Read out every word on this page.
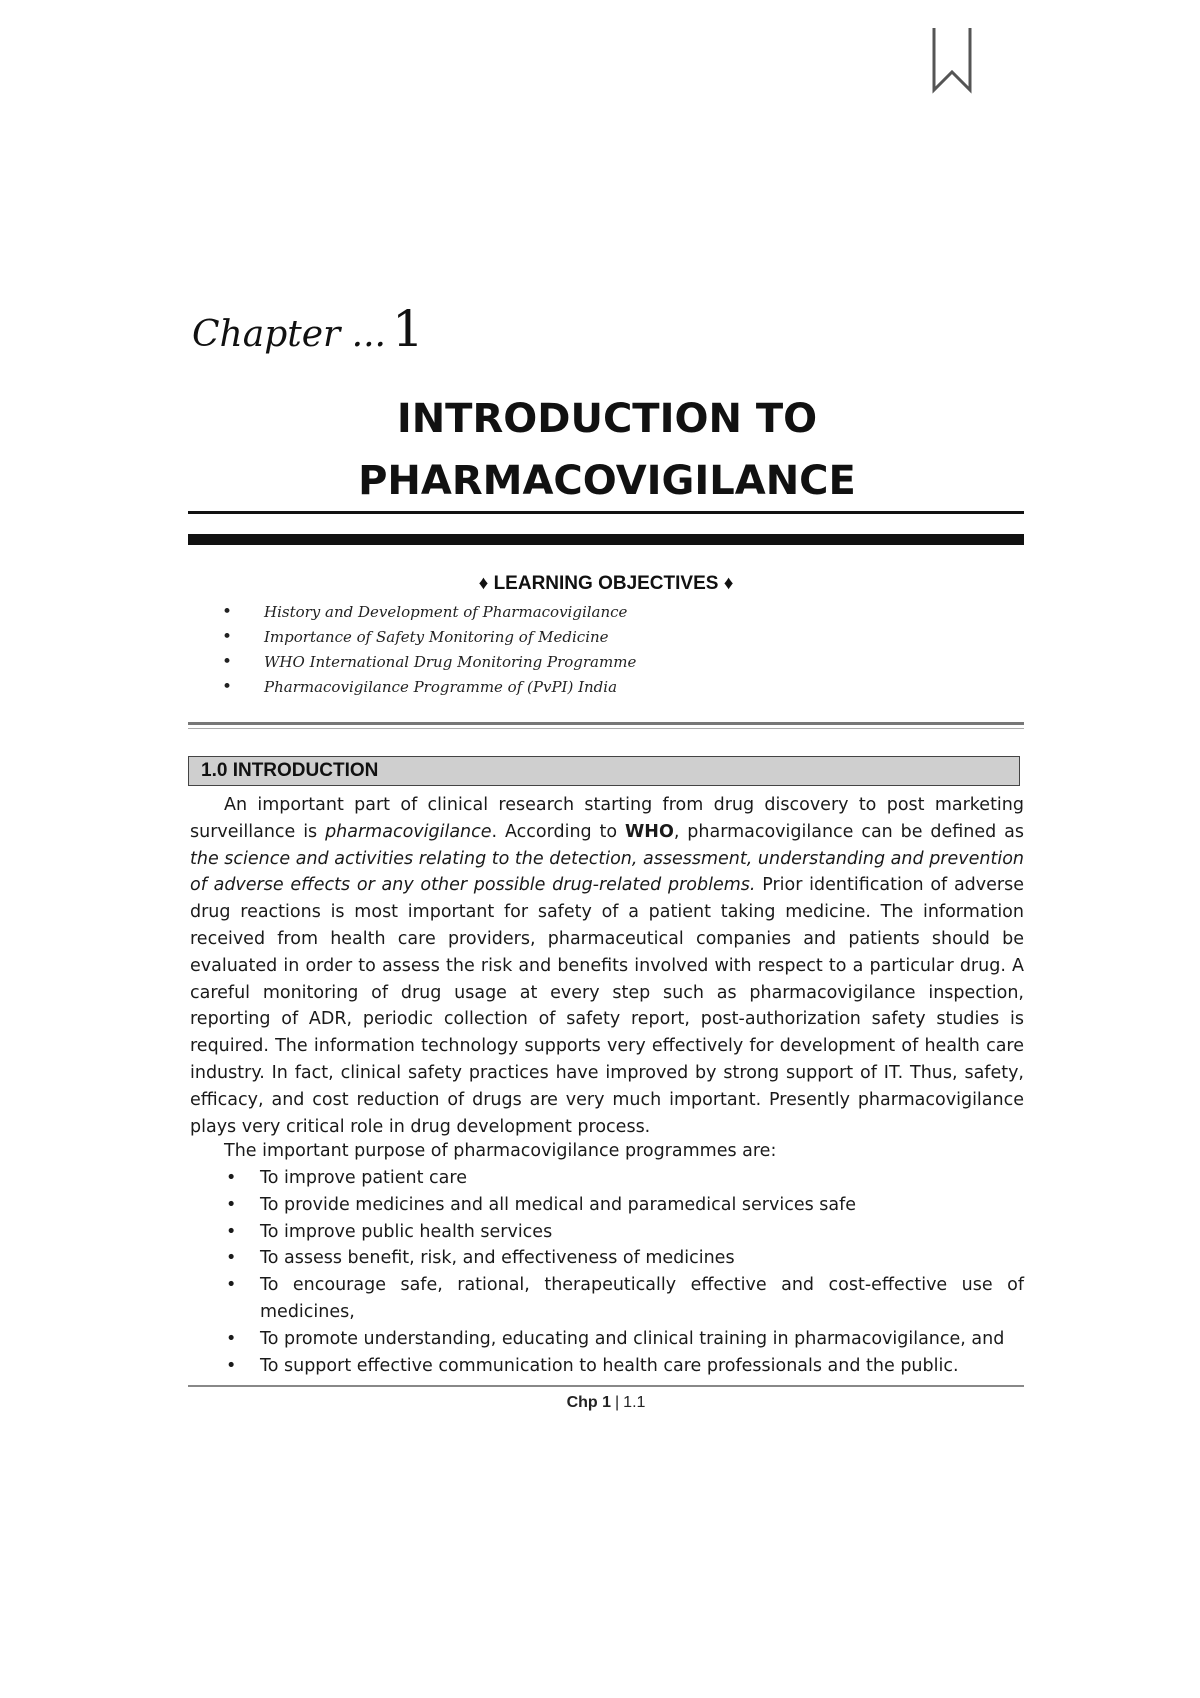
Chapter ... 1
INTRODUCTION TO
PHARMACOVIGILANCE
♦ LEARNING OBJECTIVES ♦
• History and Development of Pharmacovigilance
• Importance of Safety Monitoring of Medicine
• WHO International Drug Monitoring Programme
• Pharmacovigilance Programme of (PvPI) India
1.0 INTRODUCTION

An important part of clinical research starting from drug discovery to post marketing surveillance is pharmacovigilance. According to WHO, pharmacovigilance can be defined as the science and activities relating to the detection, assessment, understanding and prevention of adverse effects or any other possible drug-related problems. Prior identification of adverse drug reactions is most important for safety of a patient taking medicine. The information received from health care providers, pharmaceutical companies and patients should be evaluated in order to assess the risk and benefits involved with respect to a particular drug. A careful monitoring of drug usage at every step such as pharmacovigilance inspection, reporting of ADR, periodic collection of safety report, post-authorization safety studies is required. The information technology supports very effectively for development of health care industry. In fact, clinical safety practices have improved by strong support of IT. Thus, safety, efficacy, and cost reduction of drugs are very much important. Presently pharmacovigilance plays very critical role in drug development process.

The important purpose of pharmacovigilance programmes are:
• To improve patient care
• To provide medicines and all medical and paramedical services safe
• To improve public health services
• To assess benefit, risk, and effectiveness of medicines
• To encourage safe, rational, therapeutically effective and cost-effective use of medicines,
• To promote understanding, educating and clinical training in pharmacovigilance, and
• To support effective communication to health care professionals and the public.
Chp 1 | 1.1
